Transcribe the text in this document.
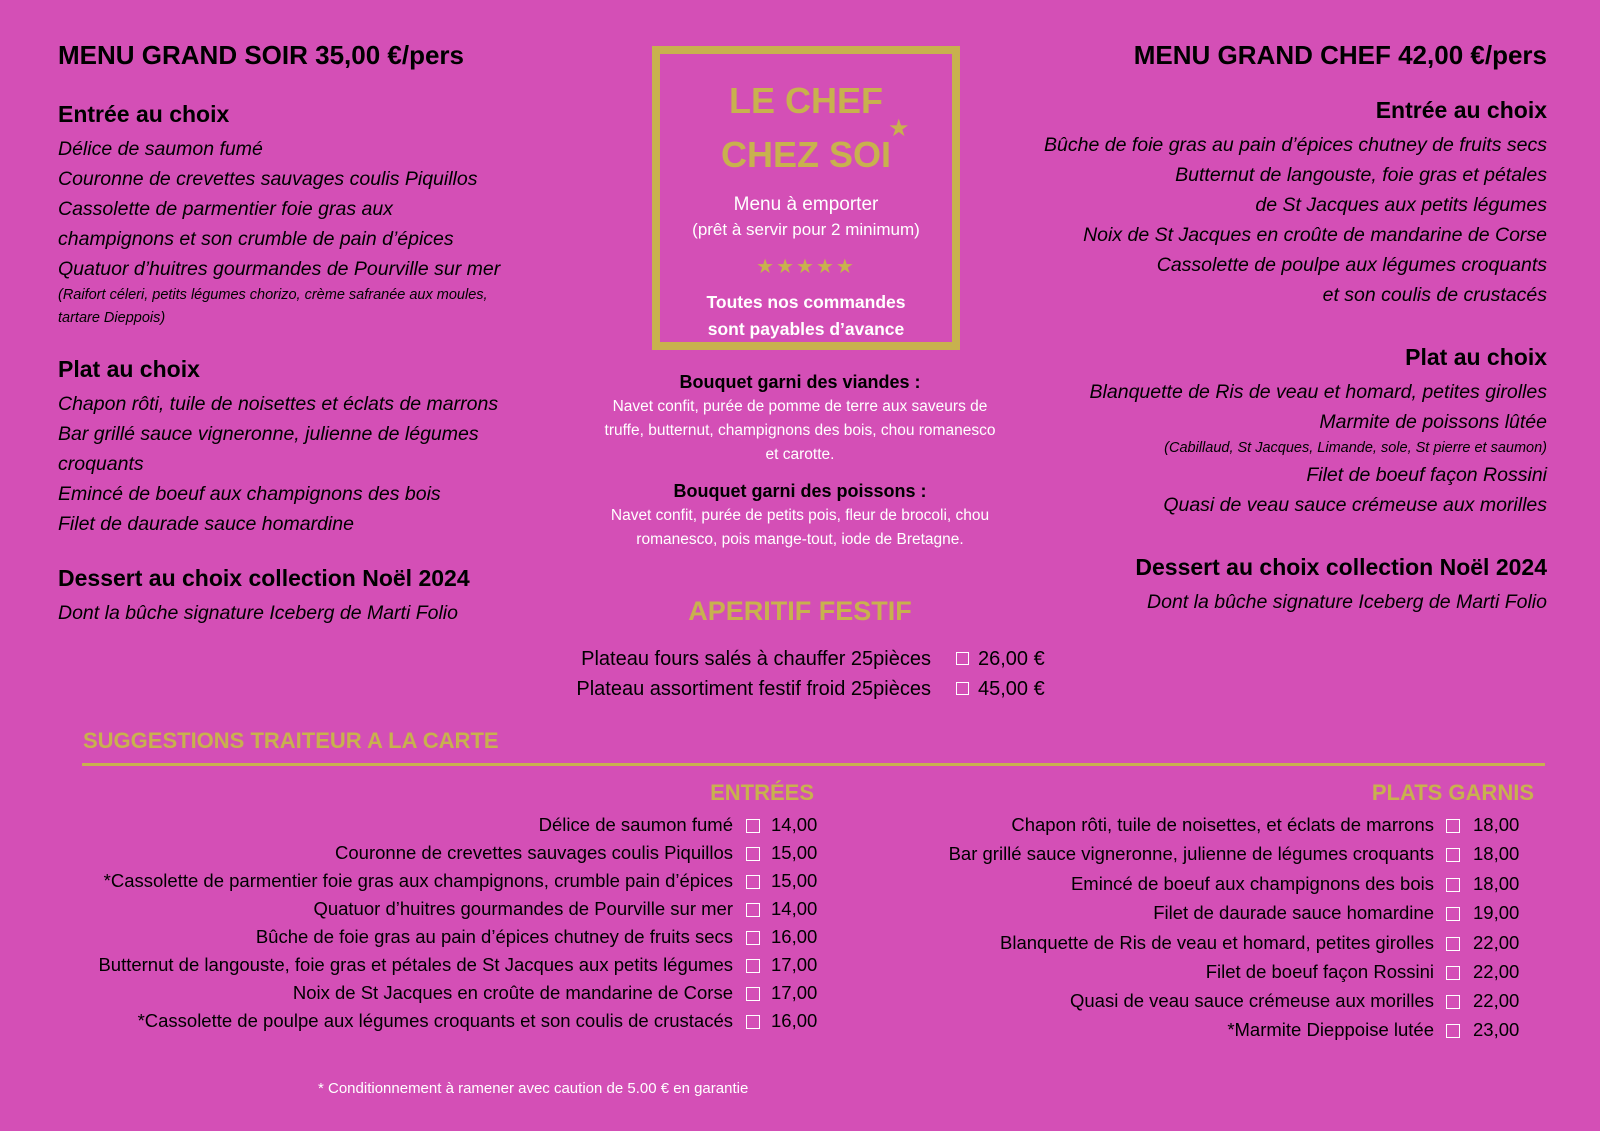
MENU GRAND SOIR 35,00 €/pers
Entrée au choix

Délice de saumon fumé

Couronne de crevettes sauvages coulis Piquillos

Cassolette de parmentier foie gras aux

champignons et son crumble de pain d’épices

Quatuor d’huitres gourmandes de Pourville sur mer

(Raifort céleri, petits légumes chorizo, crème safranée aux moules, tartare Dieppois)

Plat au choix

Chapon rôti, tuile de noisettes et éclats de marrons

Bar grillé sauce vigneronne, julienne de légumes croquants

Emincé de boeuf aux champignons des bois

Filet de daurade sauce homardine

Dessert au choix collection Noël 2024

Dont la bûche signature Iceberg de Marti Folio

LE CHEF
CHEZ SOI
★
Menu à emporter
(prêt à servir pour 2 minimum)
★★★★★
Toutes nos commandes
sont payables d’avance

Bouquet garni des viandes :

Navet confit, purée de pomme de terre aux saveurs de truffe, butternut, champignons des bois, chou romanesco et carotte.

Bouquet garni des poissons :

Navet confit, purée de petits pois, fleur de brocoli, chou romanesco, pois mange-tout, iode de Bretagne.

APERITIF FESTIF
Plateau fours salés à chauffer 25pièces 26,00 €
Plateau assortiment festif froid 25pièces 45,00 €
MENU GRAND CHEF 42,00 €/pers
Entrée au choix

Bûche de foie gras au pain d’épices chutney de fruits secs

Butternut de langouste, foie gras et pétales

de St Jacques aux petits légumes

Noix de St Jacques en croûte de mandarine de Corse

Cassolette de poulpe aux légumes croquants

et son coulis de crustacés

Plat au choix

Blanquette de Ris de veau et homard, petites girolles

Marmite de poissons lûtée

(Cabillaud, St Jacques, Limande, sole, St pierre et saumon)

Filet de boeuf façon Rossini

Quasi de veau sauce crémeuse aux morilles

Dessert au choix collection Noël 2024

Dont la bûche signature Iceberg de Marti Folio

SUGGESTIONS TRAITEUR A LA CARTE
ENTRÉES	PLATS GARNIS
Délice de saumon fumé 14,00
Couronne de crevettes sauvages coulis Piquillos 15,00
*Cassolette de parmentier foie gras aux champignons, crumble pain d’épices 15,00
Quatuor d’huitres gourmandes de Pourville sur mer 14,00
Bûche de foie gras au pain d’épices chutney de fruits secs 16,00
Butternut de langouste, foie gras et pétales de St Jacques aux petits légumes 17,00
Noix de St Jacques en croûte de mandarine de Corse 17,00
*Cassolette de poulpe aux légumes croquants et son coulis de crustacés 16,00
Chapon rôti, tuile de noisettes, et éclats de marrons 18,00
Bar grillé sauce vigneronne, julienne de légumes croquants 18,00
Emincé de boeuf aux champignons des bois 18,00
Filet de daurade sauce homardine 19,00
Blanquette de Ris de veau et homard, petites girolles 22,00
Filet de boeuf façon Rossini 22,00
Quasi de veau sauce crémeuse aux morilles 22,00
*Marmite Dieppoise lutée 23,00
* Conditionnement à ramener avec caution de 5.00 € en garantie
